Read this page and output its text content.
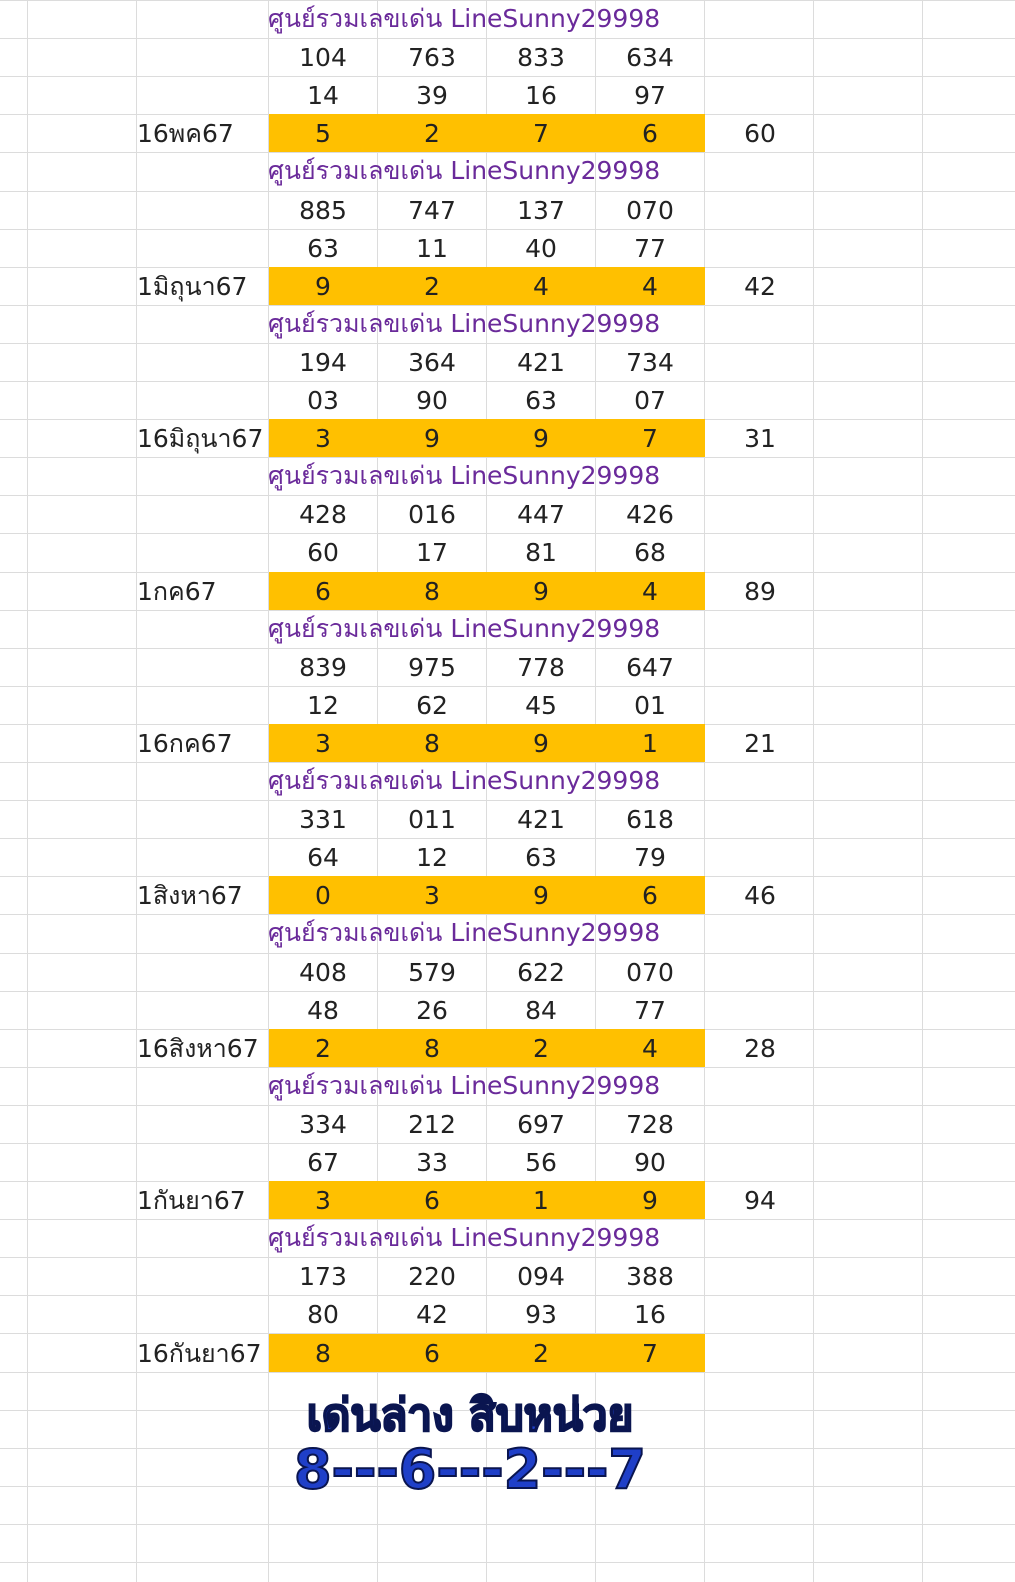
ศูนย์รวมเลขเด่น LineSunny29998
104	763	833	634
14	39	16	97
16พค67	5	2	7	6	60
ศูนย์รวมเลขเด่น LineSunny29998
885	747	137	070
63	11	40	77
1มิถุนา67	9	2	4	4	42
ศูนย์รวมเลขเด่น LineSunny29998
194	364	421	734
03	90	63	07
16มิถุนา67	3	9	9	7	31
ศูนย์รวมเลขเด่น LineSunny29998
428	016	447	426
60	17	81	68
1กค67	6	8	9	4	89
ศูนย์รวมเลขเด่น LineSunny29998
839	975	778	647
12	62	45	01
16กค67	3	8	9	1	21
ศูนย์รวมเลขเด่น LineSunny29998
331	011	421	618
64	12	63	79
1สิงหา67	0	3	9	6	46
ศูนย์รวมเลขเด่น LineSunny29998
408	579	622	070
48	26	84	77
16สิงหา67	2	8	2	4	28
ศูนย์รวมเลขเด่น LineSunny29998
334	212	697	728
67	33	56	90
1กันยา67	3	6	1	9	94
ศูนย์รวมเลขเด่น LineSunny29998
173	220	094	388
80	42	93	16
16กันยา67	8	6	2	7
เด่นล่าง สิบหน่วย
8---6---2---7
